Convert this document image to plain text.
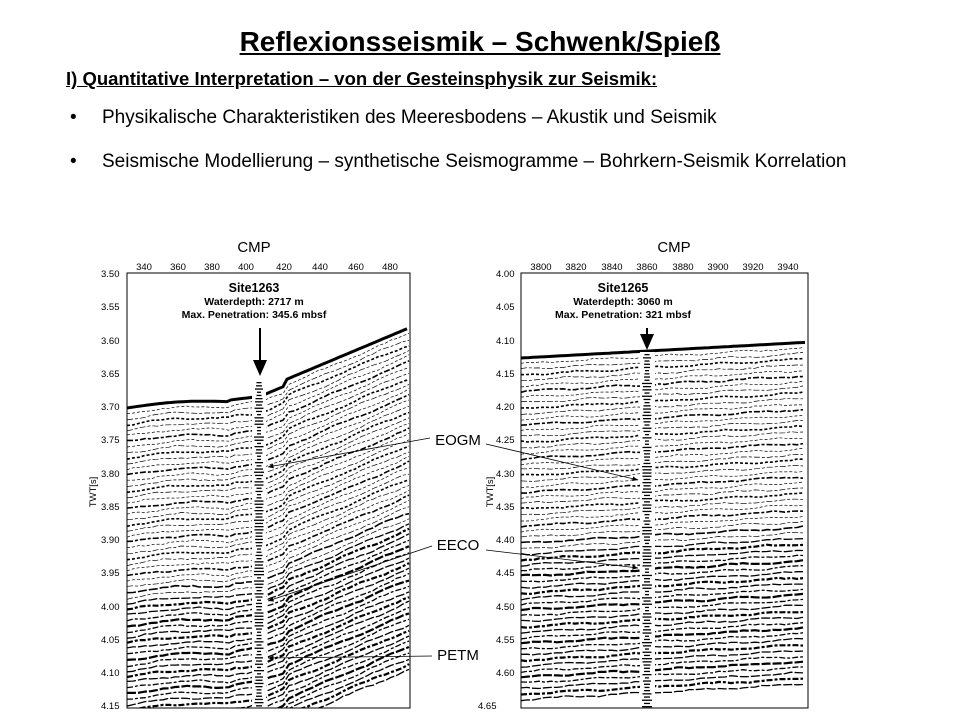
Reflexionsseismik – Schwenk/Spieß
I) Quantitative Interpretation – von der Gesteinsphysik zur Seismik:
• Physikalische Charakteristiken des Meeresbodens – Akustik und Seismik
• Seismische Modellierung – synthetische Seismogramme – Bohrkern-Seismik Korrelation
CMP
340 360 380 400 420 440 460 480
3.50
3.55
3.60
3.65
3.70
3.75
3.80
3.85
3.90
3.95
4.00
4.05
4.10
4.15
TWT[s]
Site1263
Waterdepth: 2717 m
Max. Penetration: 345.6 mbsf
CMP
3800 3820 3840 3860 3880 3900 3920 3940
4.00
4.05
4.10
4.15
4.20
4.25
4.30
4.35
4.40
4.45
4.50
4.55
4.60
4.65
TWT[s]
Site1265
Waterdepth: 3060 m
Max. Penetration: 321 mbsf
EOGM
EECO
PETM
